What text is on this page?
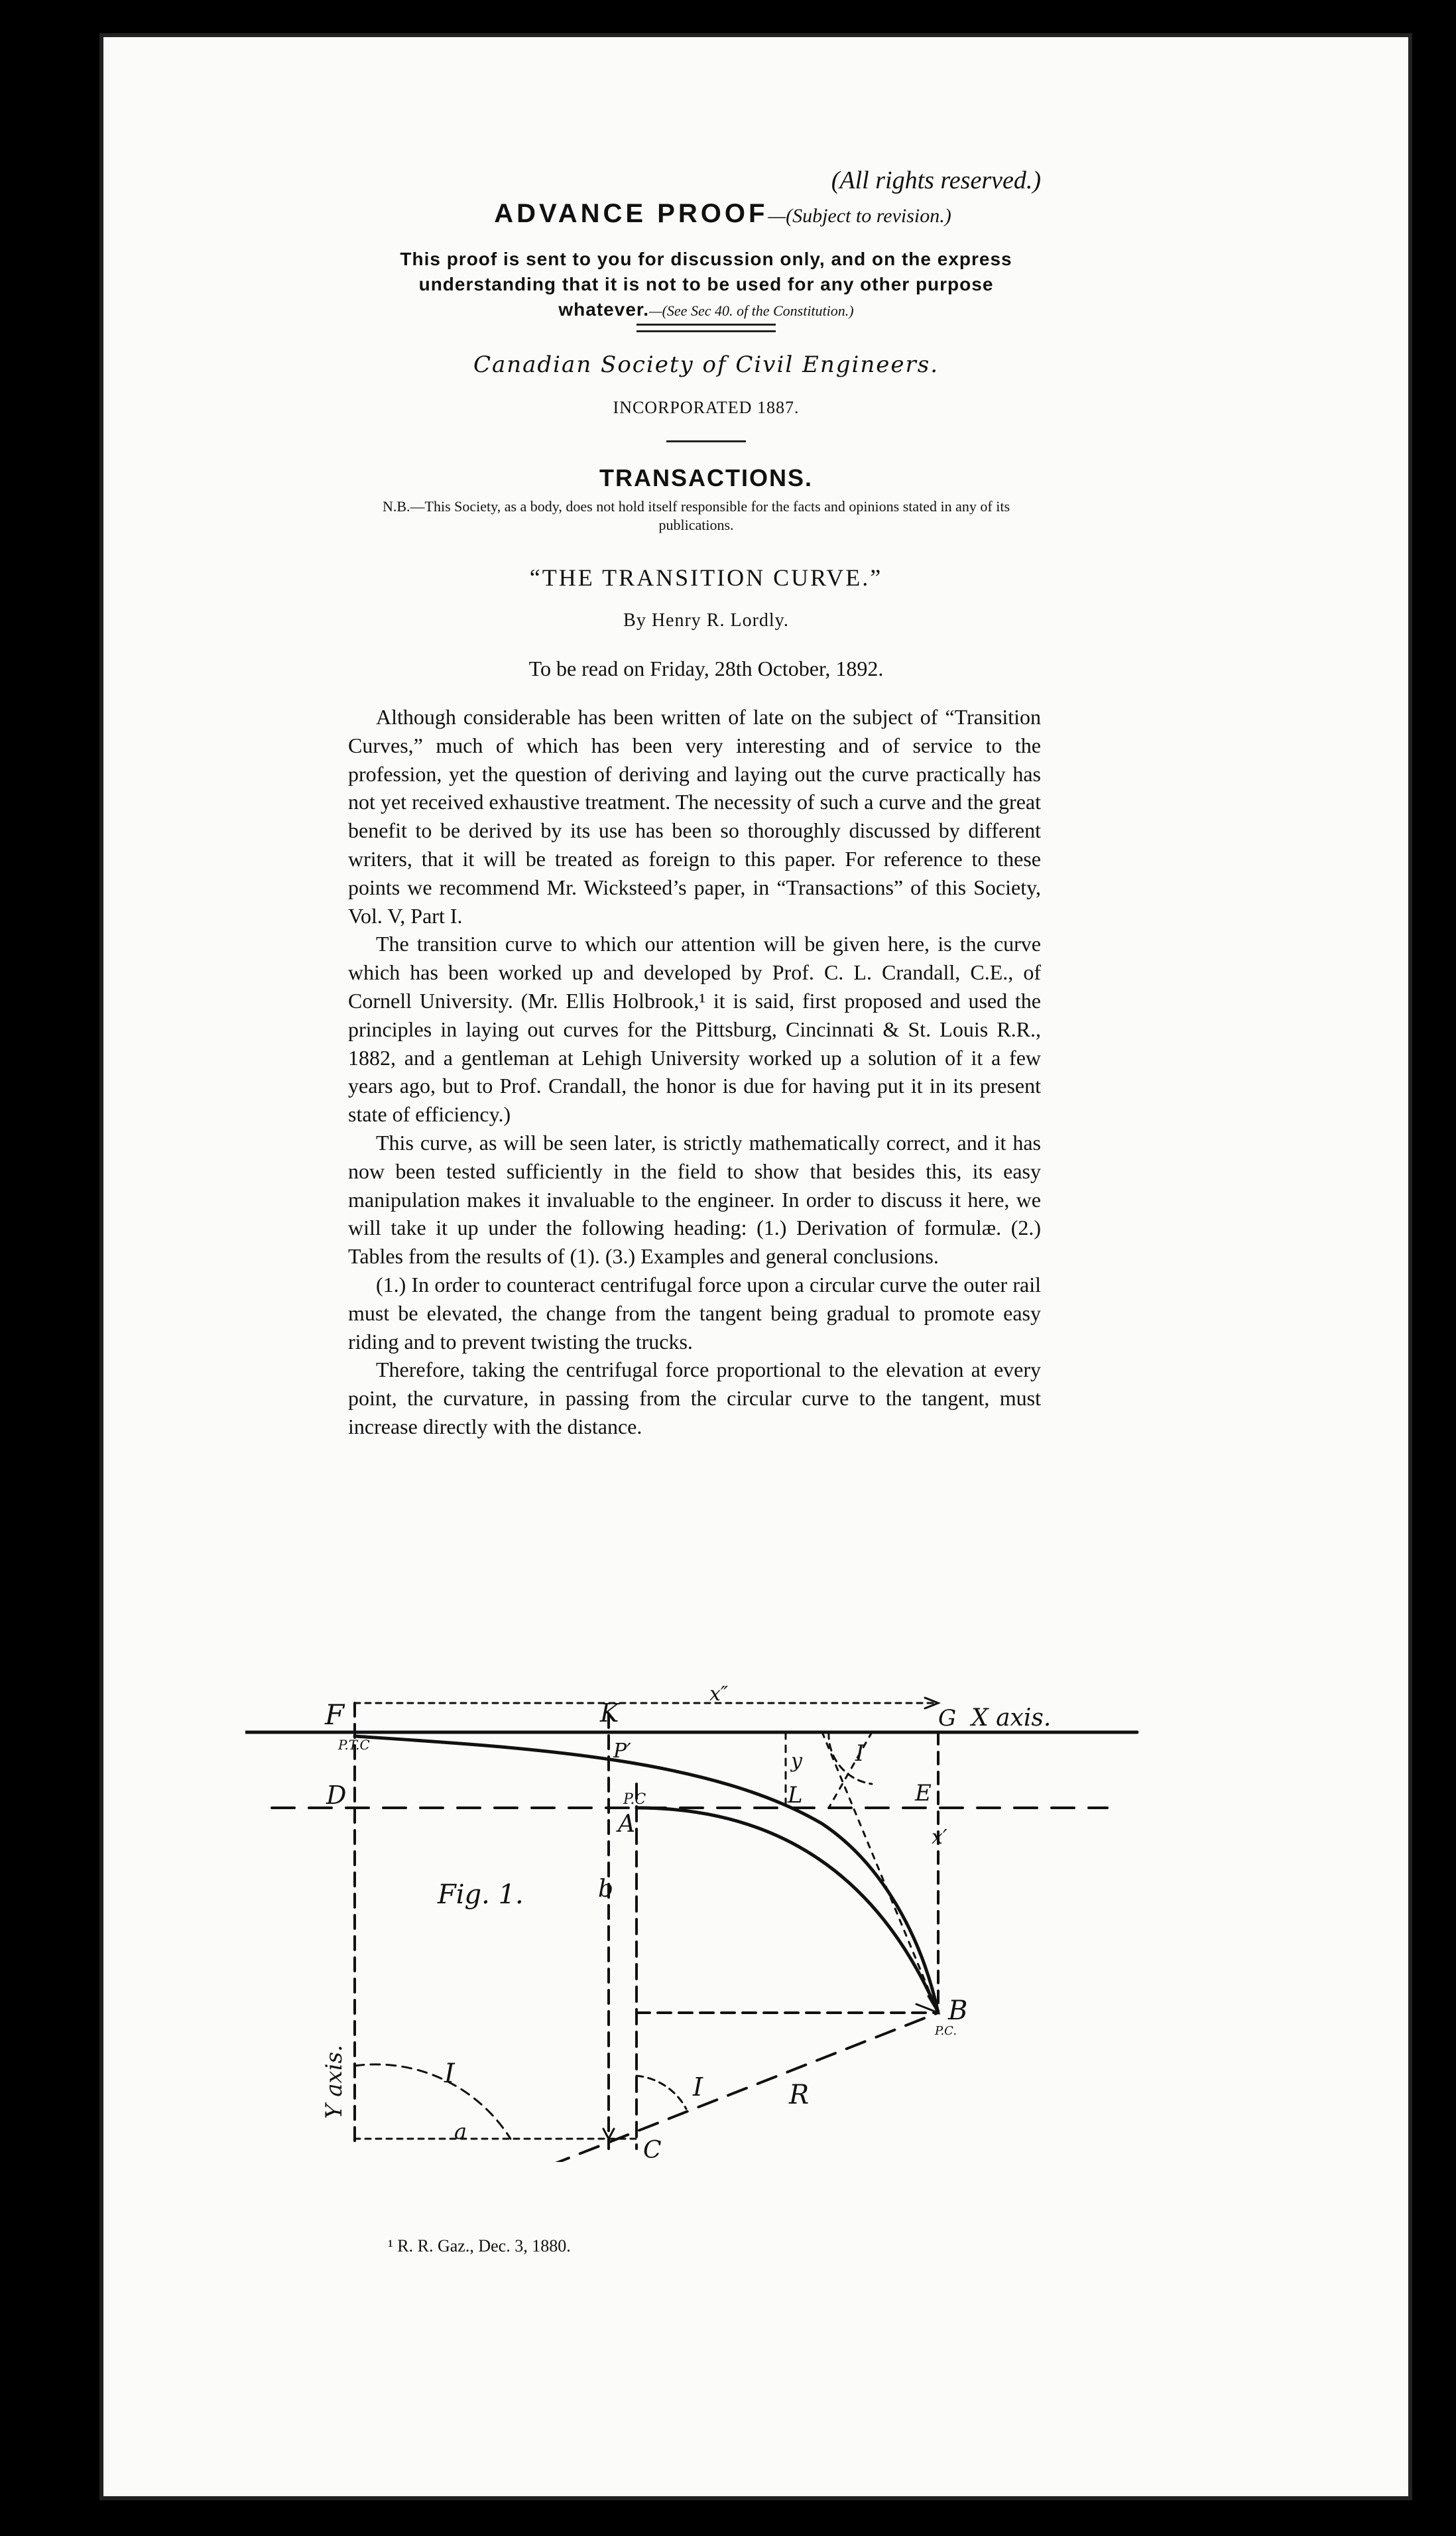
(All rights reserved.)
ADVANCE PROOF—(Subject to revision.)
This proof is sent to you for discussion only, and on the express understanding that it is not to be used for any other purpose whatever.—(See Sec 40. of the Constitution.)
Canadian Society of Civil Engineers.
INCORPORATED 1887.
TRANSACTIONS.
N.B.—This Society, as a body, does not hold itself responsible for the facts and opinions stated in any of its publications.
“THE TRANSITION CURVE.”
By Henry R. Lordly.
To be read on Friday, 28th October, 1892.

Although considerable has been written of late on the subject of “Transition Curves,” much of which has been very interesting and of service to the profession, yet the question of deriving and laying out the curve practically has not yet received exhaustive treatment. The necessity of such a curve and the great benefit to be derived by its use has been so thoroughly discussed by different writers, that it will be treated as foreign to this paper. For reference to these points we recommend Mr. Wicksteed’s paper, in “Transactions” of this Society, Vol. V, Part I.

The transition curve to which our attention will be given here, is the curve which has been worked up and developed by Prof. C. L. Crandall, C.E., of Cornell University. (Mr. Ellis Holbrook,¹ it is said, first proposed and used the principles in laying out curves for the Pittsburg, Cincinnati & St. Louis R.R., 1882, and a gentleman at Lehigh University worked up a solution of it a few years ago, but to Prof. Crandall, the honor is due for having put it in its present state of efficiency.)

This curve, as will be seen later, is strictly mathematically correct, and it has now been tested sufficiently in the field to show that besides this, its easy manipulation makes it invaluable to the engineer. In order to discuss it here, we will take it up under the following heading: (1.) Derivation of formulæ. (2.) Tables from the results of (1). (3.) Examples and general conclusions.

(1.) In order to counteract centrifugal force upon a circular curve the outer rail must be elevated, the change from the tangent being gradual to promote easy riding and to prevent twisting the trucks.

Therefore, taking the centrifugal force proportional to the elevation at every point, the curvature, in passing from the circular curve to the tangent, must increase directly with the distance.

F
P.T.C
K
x″
G X axis.
P′
D	P.C
A
y
L	E
I
x′
b
B
P.C.
Fig. 1.
Y axis.	I	I	R
a
C
¹ R. R. Gaz., Dec. 3, 1880.
